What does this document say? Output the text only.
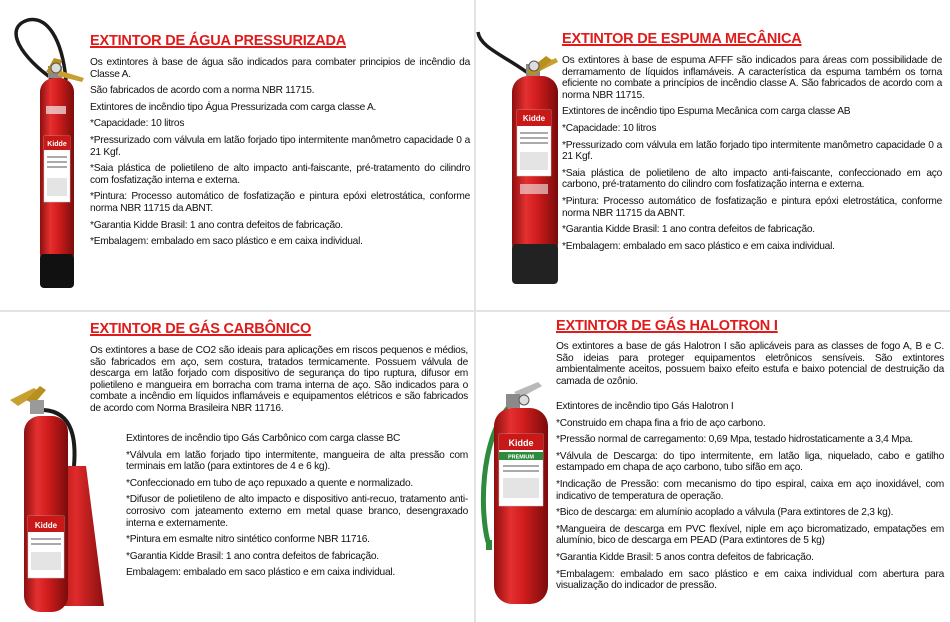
Kidde
EXTINTOR DE ÁGUA PRESSURIZADA

Os extintores à base de água são indicados para combater principios de incêndio da Classe A.

São fabricados de acordo com a norma NBR 11715.

Extintores de incêndio tipo Água Pressurizada com carga classe A.

*Capacidade: 10 litros

*Pressurizado com válvula em latão forjado tipo intermitente manômetro capacidade 0 a 21 Kgf.

*Saia plástica de polietileno de alto impacto anti-faiscante, pré-tratamento do cilindro com fosfatização interna e externa.

*Pintura: Processo automático de fosfatização e pintura epóxi eletrostática, conforme norma NBR 11715 da ABNT.

*Garantia Kidde Brasil: 1 ano contra defeitos de fabricação.

*Embalagem: embalado em saco plástico e em caixa individual.

Kidde
EXTINTOR DE ESPUMA MECÂNICA

Os extintores à base de espuma AFFF são indicados para áreas com possibilidade de derramamento de líquidos inflamáveis. A característica da espuma também os torna eficiente no combate a princípios de incêndio classe A. São fabricados de acordo com a norma NBR 11715.

Extintores de incêndio tipo Espuma Mecânica com carga classe AB

*Capacidade: 10 litros

*Pressurizado com válvula em latão forjado tipo intermitente manômetro capacidade 0 a 21 Kgf.

*Saia plástica de polietileno de alto impacto anti-faiscante, confeccionado em aço carbono, pré-tratamento do cilindro com fosfatização interna e externa.

*Pintura: Processo automático de fosfatização e pintura epóxi eletrostática, conforme norma NBR 11715 da ABNT.

*Garantia Kidde Brasil: 1 ano contra defeitos de fabricação.

*Embalagem: embalado em saco plástico e em caixa individual.

EXTINTOR DE GÁS CARBÔNICO

Os extintores a base de CO2 são ideais para aplicações em riscos pequenos e médios, são fabricados em aço, sem costura, tratados termicamente. Possuem válvula de descarga em latão forjado com dispositivo de segurança do tipo ruptura, difusor em polietileno e mangueira em borracha com trama interna de aço. São indicados para o combate a incêndio em líquidos inflamáveis e equipamentos elétricos e são fabricados de acordo com Norma Brasileira NBR 11716.

Kidde

Extintores de incêndio tipo Gás Carbônico com carga classe BC

*Válvula em latão forjado tipo intermitente, mangueira de alta pressão com terminais em latão (para extintores de 4 e 6 kg).

*Confeccionado em tubo de aço repuxado a quente e normalizado.

*Difusor de polietileno de alto impacto e dispositivo anti-recuo, tratamento anti-corrosivo com jateamento externo em metal quase branco, desengraxado interna e externamente.

*Pintura em esmalte nitro sintético conforme NBR 11716.

*Garantia Kidde Brasil: 1 ano contra defeitos de fabricação.

Embalagem: embalado em saco plástico e em caixa individual.

EXTINTOR DE GÁS HALOTRON I

Os extintores a base de gás Halotron I são aplicáveis para as classes de fogo A, B e C. São ideias para proteger equipamentos eletrônicos sensíveis. São extintores ambientalmente aceitos, possuem baixo efeito estufa e baixo potencial de destruição da camada de ozônio.

Kidde
PREMIUM

Extintores de incêndio tipo Gás Halotron I

*Construido em chapa fina a frio de aço carbono.

*Pressão normal de carregamento: 0,69 Mpa, testado hidrostaticamente a 3,4 Mpa.

*Válvula de Descarga: do tipo intermitente, em latão liga, niquelado, cabo e gatilho estampado em chapa de aço carbono, tubo sifão em aço.

*Indicação de Pressão: com mecanismo do tipo espiral, caixa em aço inoxidável, com indicativo de temperatura de operação.

*Bico de descarga: em alumínio acoplado a válvula (Para extintores de 2,3 kg).

*Mangueira de descarga em PVC flexível, niple em aço bicromatizado, empatações em alumínio, bico de descarga em PEAD (Para extintores de 5 kg)

*Garantia Kidde Brasil: 5 anos contra defeitos de fabricação.

*Embalagem: embalado em saco plástico e em caixa individual com abertura para visualização do indicador de pressão.
